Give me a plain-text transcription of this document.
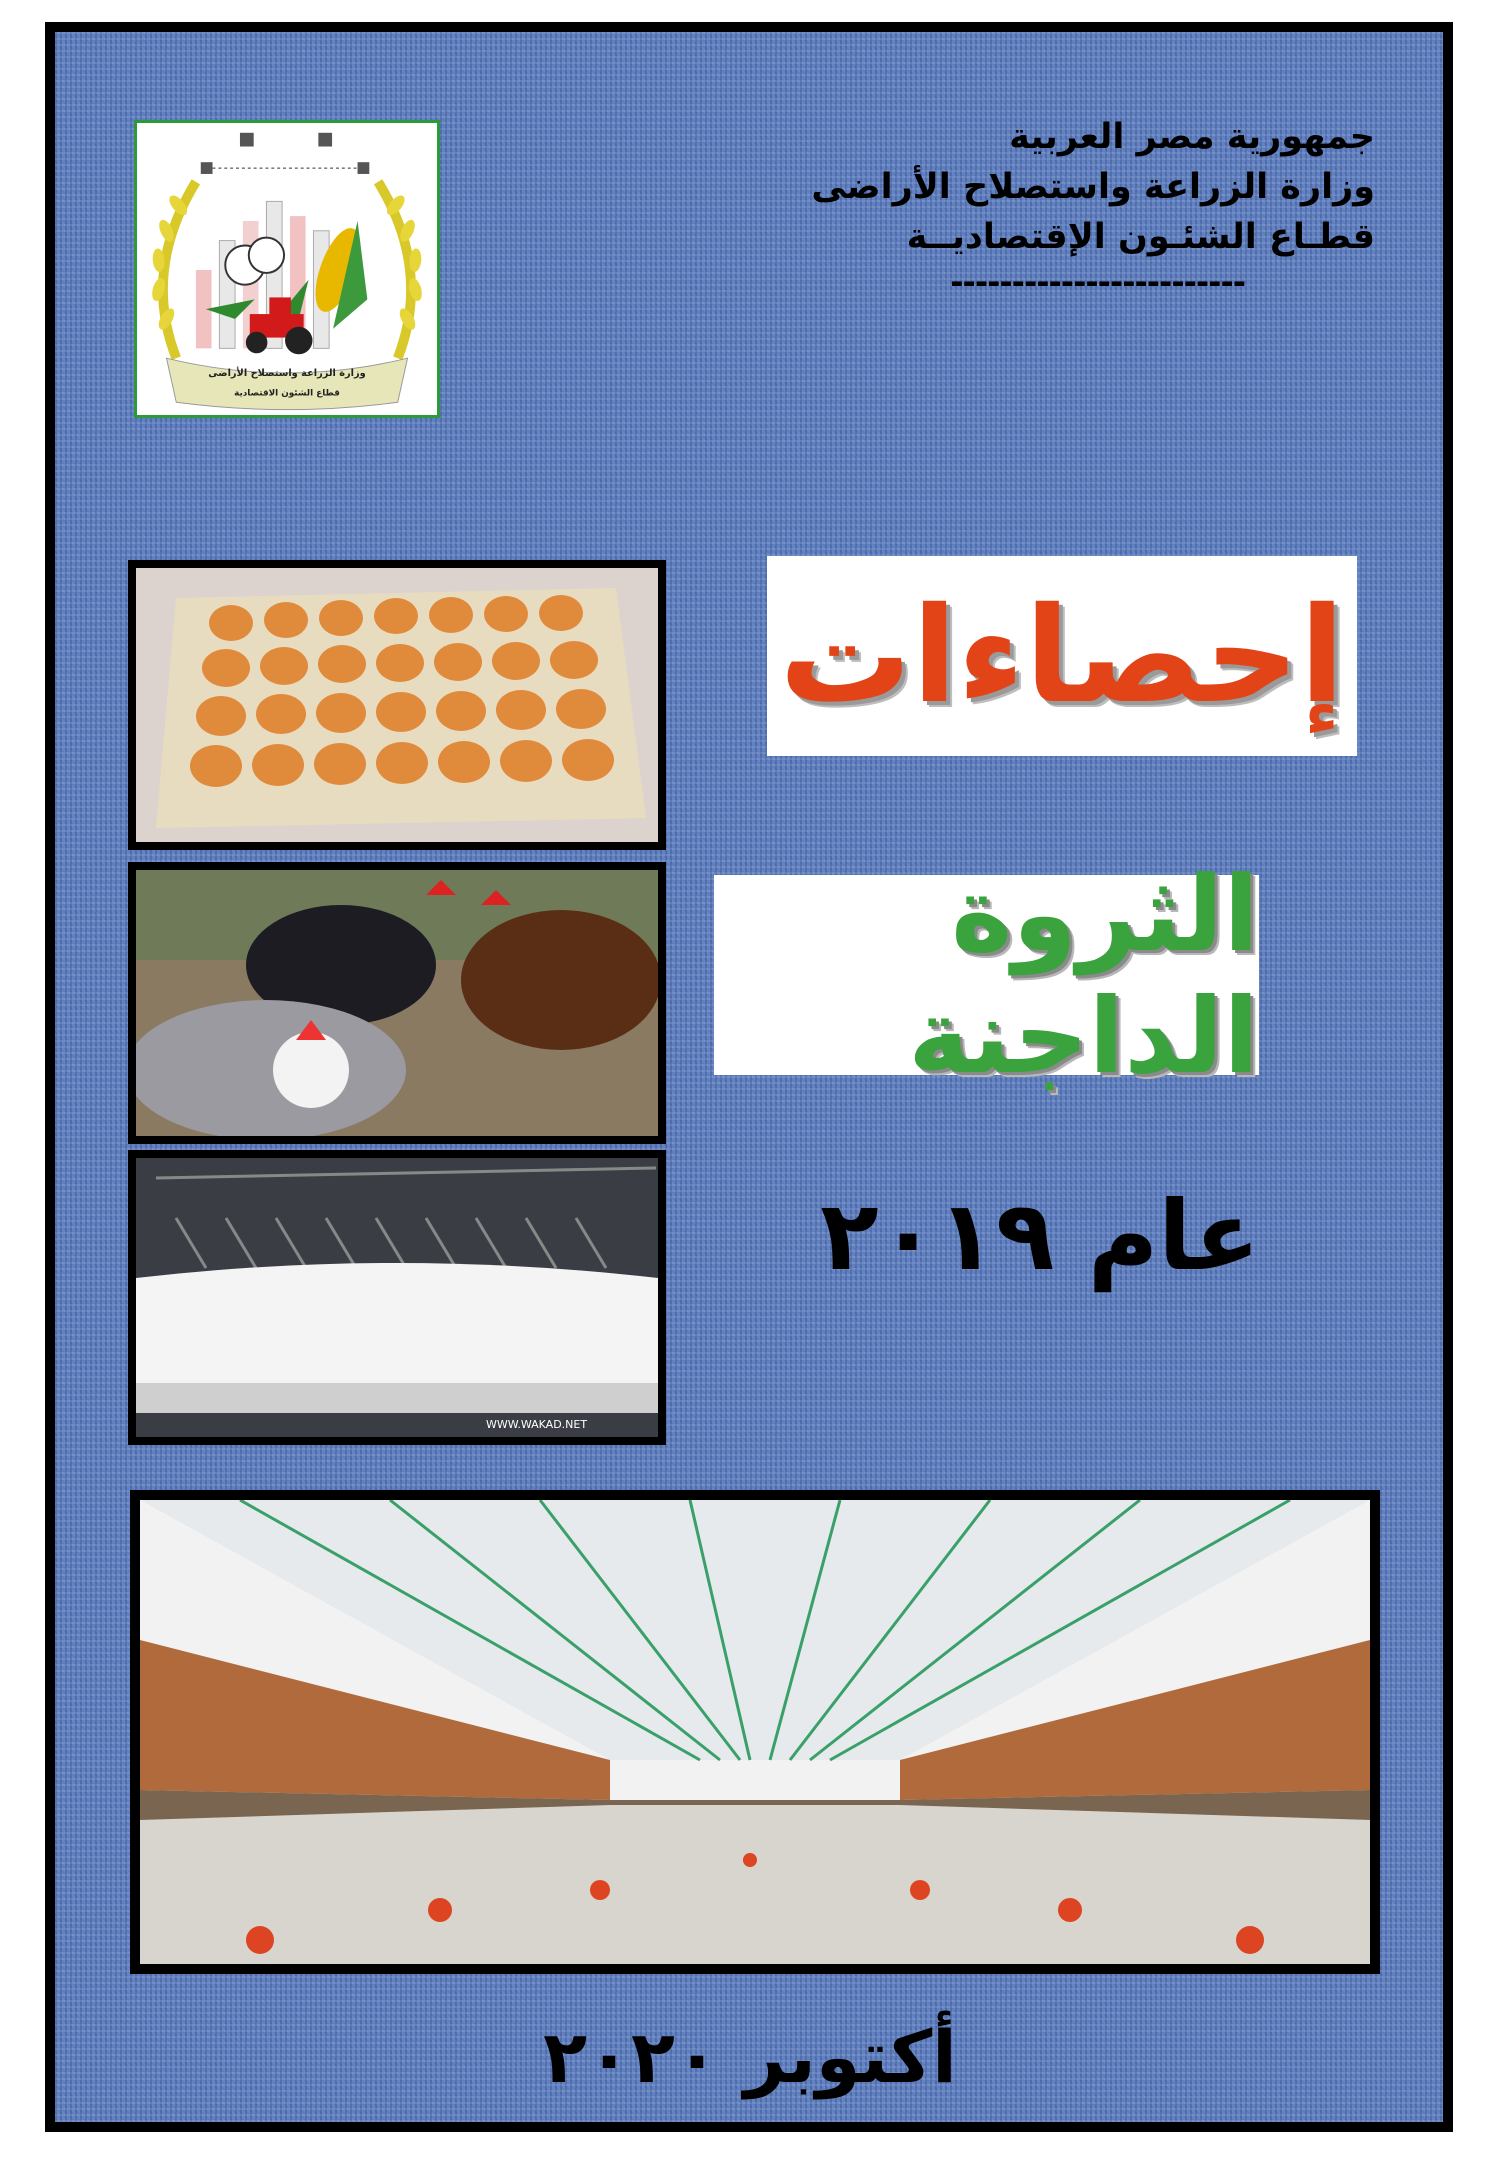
وزارة الزراعة واستصلاح الأراضى
قطاع الشئون الاقتصادية
جمهورية مصر العربية
وزارة الزراعة واستصلاح الأراضى
قطـاع الشئـون الإقتصاديــة
------------------------
WWW.WAKAD.NET
إحصاءات
الثروة الداجنة
عام ٢٠١٩
أكتوبر ٢٠٢٠
